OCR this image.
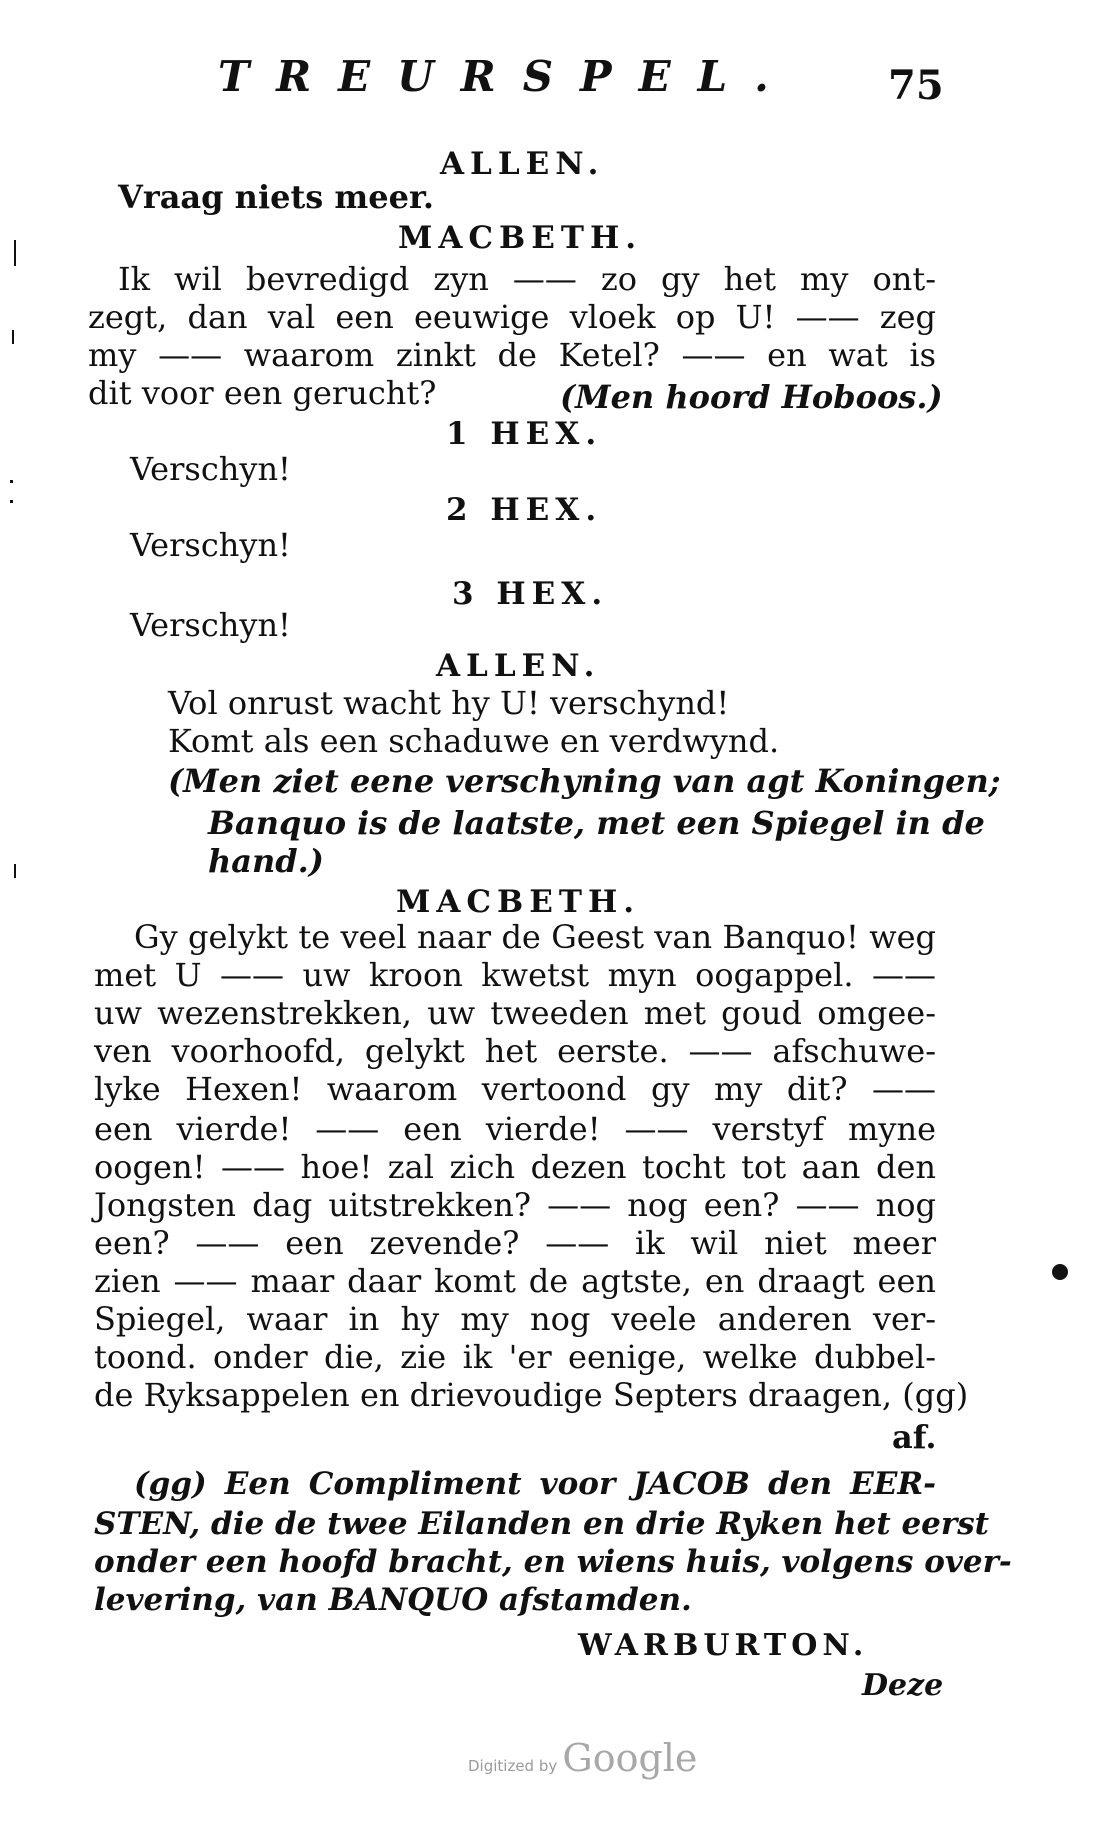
TREURSPEL. 75
ALLEN.
Vraag niets meer.
MACBETH.
Ik wil bevredigd zyn —— zo gy het my ont-
zegt, dan val een eeuwige vloek op U! —— zeg
my —— waarom zinkt de Ketel? —— en wat is
dit voor een gerucht?	(Men hoord Hoboos.)
1 HEX.
Verschyn!
2 HEX.
Verschyn!
3 HEX.
Verschyn!
ALLEN.
Vol onrust wacht hy U! verschynd!
Komt als een schaduwe en verdwynd.
(Men ziet eene verschyning van agt Koningen;
Banquo is de laatste, met een Spiegel in de
hand.)
MACBETH.
Gy gelykt te veel naar de Geest van Banquo! weg
met U —— uw kroon kwetst myn oogappel. ——
uw wezenstrekken, uw tweeden met goud omgee-
ven voorhoofd, gelykt het eerste. —— afschuwe-
lyke Hexen! waarom vertoond gy my dit? ——
een vierde! —— een vierde! —— verstyf myne
oogen! —— hoe! zal zich dezen tocht tot aan den
Jongsten dag uitstrekken? —— nog een? —— nog
een? —— een zevende? —— ik wil niet meer
zien —— maar daar komt de agtste, en draagt een
Spiegel, waar in hy my nog veele anderen ver-
toond. onder die, zie ik 'er eenige, welke dubbel-
de Ryksappelen en drievoudige Septers draagen, (gg)
af.
(gg) Een Compliment voor JACOB den EER-
STEN, die de twee Eilanden en drie Ryken het eerst
onder een hoofd bracht, en wiens huis, volgens over-
levering, van BANQUO afstamden.
WARBURTON.
Deze
Digitized by Google
